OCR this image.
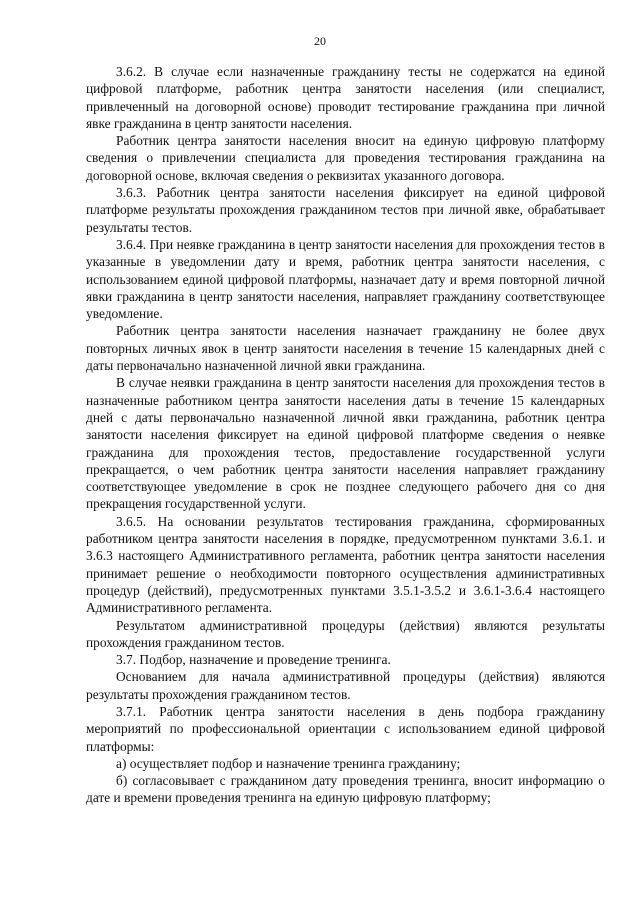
20

3.6.2. В случае если назначенные гражданину тесты не содержатся на единой цифровой платформе, работник центра занятости населения (или специалист, привлеченный на договорной основе) проводит тестирование гражданина при личной явке гражданина в центр занятости населения.

Работник центра занятости населения вносит на единую цифровую платформу сведения о привлечении специалиста для проведения тестирования гражданина на договорной основе, включая сведения о реквизитах указанного договора.

3.6.3. Работник центра занятости населения фиксирует на единой цифровой платформе результаты прохождения гражданином тестов при личной явке, обрабатывает результаты тестов.

3.6.4. При неявке гражданина в центр занятости населения для прохождения тестов в указанные в уведомлении дату и время, работник центра занятости населения, с использованием единой цифровой платформы, назначает дату и время повторной личной явки гражданина в центр занятости населения, направляет гражданину соответствующее уведомление.

Работник центра занятости населения назначает гражданину не более двух повторных личных явок в центр занятости населения в течение 15 календарных дней с даты первоначально назначенной личной явки гражданина.

В случае неявки гражданина в центр занятости населения для прохождения тестов в назначенные работником центра занятости населения даты в течение 15 календарных дней с даты первоначально назначенной личной явки гражданина, работник центра занятости населения фиксирует на единой цифровой платформе сведения о неявке гражданина для прохождения тестов, предоставление государственной услуги прекращается, о чем работник центра занятости населения направляет гражданину соответствующее уведомление в срок не позднее следующего рабочего дня со дня прекращения государственной услуги.

3.6.5. На основании результатов тестирования гражданина, сформированных работником центра занятости населения в порядке, предусмотренном пунктами 3.6.1. и 3.6.3 настоящего Административного регламента, работник центра занятости населения принимает решение о необходимости повторного осуществления административных процедур (действий), предусмотренных пунктами 3.5.1-3.5.2 и 3.6.1-3.6.4 настоящего Административного регламента.

Результатом административной процедуры (действия) являются результаты прохождения гражданином тестов.

3.7. Подбор, назначение и проведение тренинга.

Основанием для начала административной процедуры (действия) являются результаты прохождения гражданином тестов.

3.7.1. Работник центра занятости населения в день подбора гражданину мероприятий по профессиональной ориентации с использованием единой цифровой платформы:

а) осуществляет подбор и назначение тренинга гражданину;

б) согласовывает с гражданином дату проведения тренинга, вносит информацию о дате и времени проведения тренинга на единую цифровую платформу;
